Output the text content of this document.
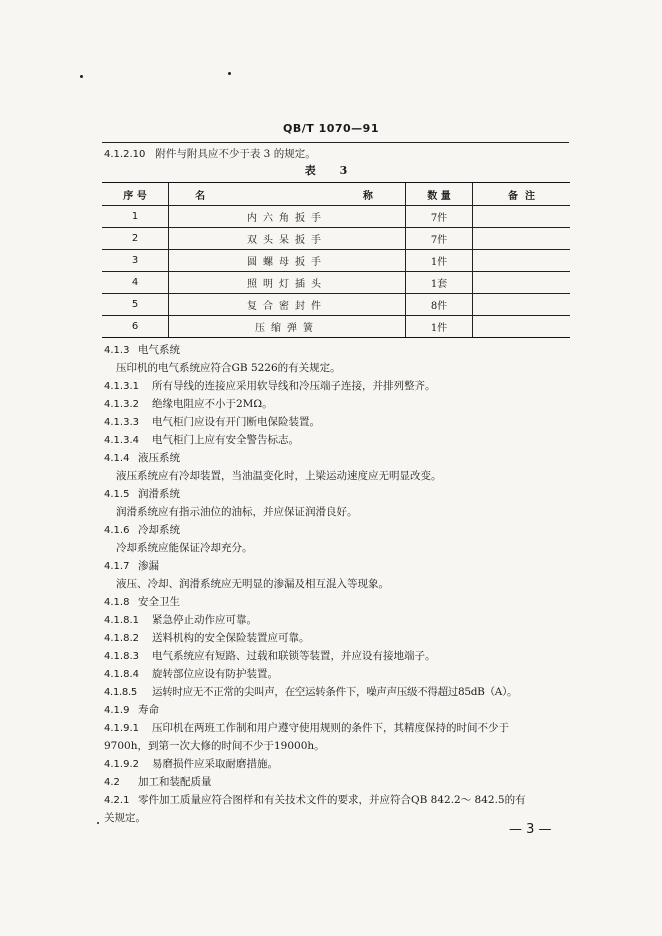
QB/T 1070—91
4.1.2.10 附件与附具应不少于表 3 的规定。
表 3
序 号	名                称	数 量	备  注
1	内六角扳手	7件	
2	双头呆扳手	7件	
3	圆螺母扳手	1件	
4	照明灯插头	1套	
5	复合密封件	8件	
6	压缩弹簧	1件	
4.1.3 电气系统
压印机的电气系统应符合GB 5226的有关规定。
4.1.3.1 所有导线的连接应采用软导线和冷压端子连接，并排列整齐。
4.1.3.2 绝缘电阻应不小于2MΩ。
4.1.3.3 电气柜门应设有开门断电保险装置。
4.1.3.4 电气柜门上应有安全警告标志。
4.1.4 液压系统
液压系统应有冷却装置，当油温变化时，上梁运动速度应无明显改变。
4.1.5 润滑系统
润滑系统应有指示油位的油标，并应保证润滑良好。
4.1.6 冷却系统
冷却系统应能保证冷却充分。
4.1.7 渗漏
液压、冷却、润滑系统应无明显的渗漏及相互混入等现象。
4.1.8 安全卫生
4.1.8.1 紧急停止动作应可靠。
4.1.8.2 送料机构的安全保险装置应可靠。
4.1.8.3 电气系统应有短路、过载和联锁等装置，并应设有接地端子。
4.1.8.4 旋转部位应设有防护装置。
4.1.8.5 运转时应无不正常的尖叫声，在空运转条件下，噪声声压级不得超过85dB（A）。
4.1.9 寿命
4.1.9.1 压印机在两班工作制和用户遵守使用规则的条件下，其精度保持的时间不少于
9700h，到第一次大修的时间不少于19000h。
4.1.9.2 易磨损件应采取耐磨措施。
4.2 加工和装配质量
4.2.1 零件加工质量应符合图样和有关技术文件的要求，并应符合QB 842.2～ 842.5的有
关规定。
— 3 —
